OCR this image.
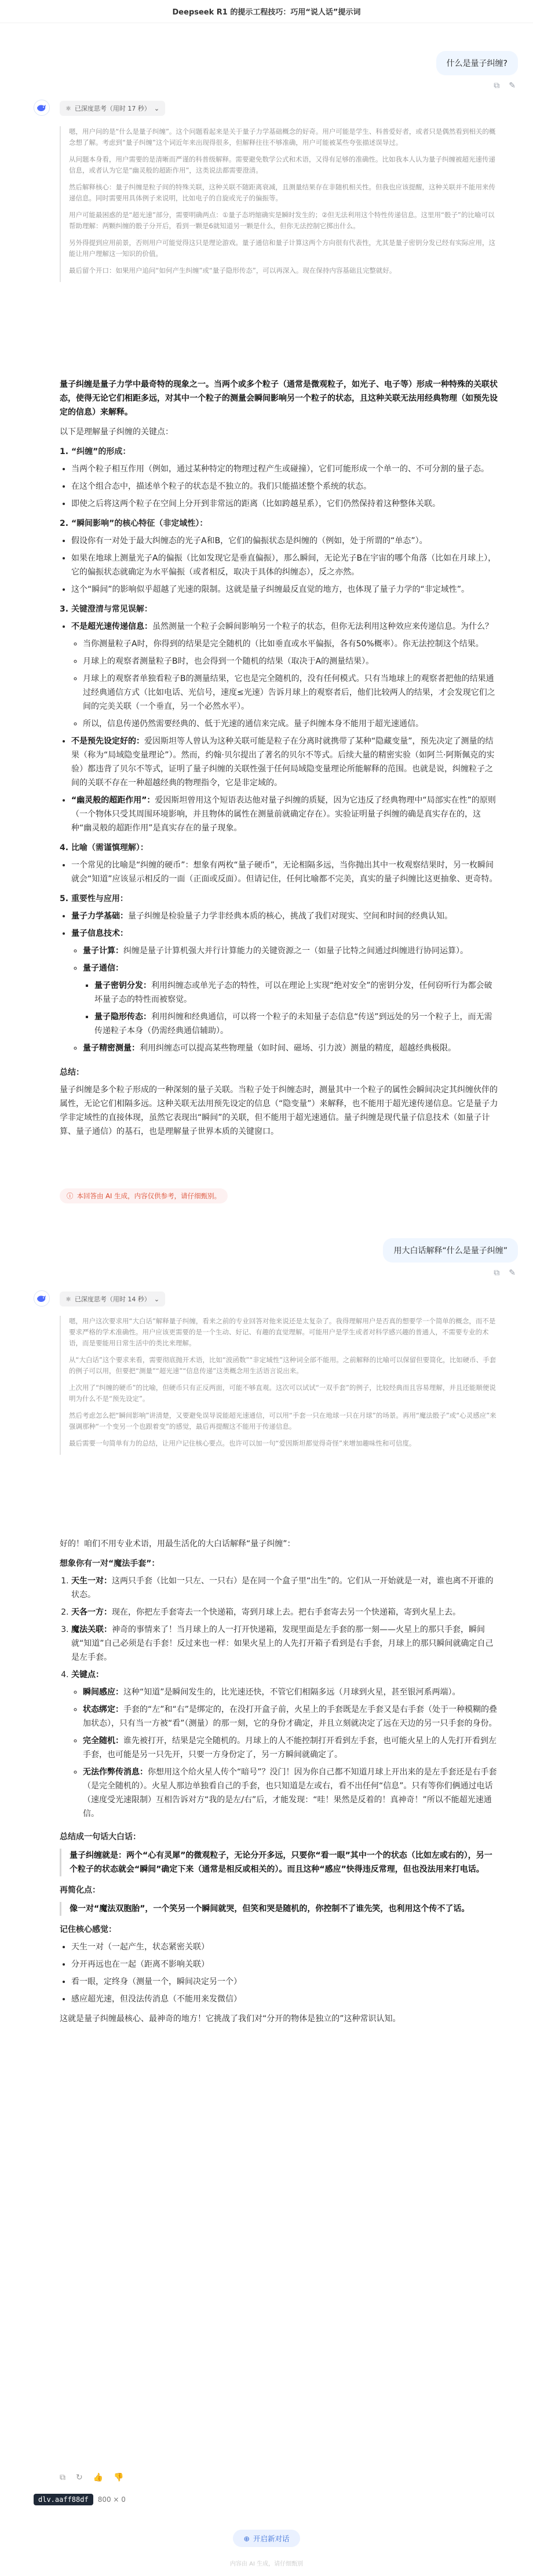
Deepseek R1 的提示工程技巧：巧用“说人话”提示词
什么是量子纠缠?
⧉ ✎
⚛ 已深度思考（用时 17 秒） ⌄

嗯，用户问的是“什么是量子纠缠”。这个问题看起来是关于量子力学基础概念的好奇。用户可能是学生、科普爱好者，或者只是偶然看到相关的概念想了解。考虑到“量子纠缠”这个词近年来出现得很多，但解释往往不够准确，用户可能被某些夸张描述误导过。

从问题本身看，用户需要的是清晰而严谨的科普级解释。需要避免数学公式和术语，又得有足够的准确性。比如我本人认为量子纠缠被超光速传递信息，或者认为它是“幽灵般的超距作用”，这类说法都需要澄清。

然后解释核心：量子纠缠是粒子间的特殊关联，这种关联不随距离衰减，且测量结果存在非随机相关性。但我也应该提醒，这种关联并不能用来传递信息。同时需要用具体例子来说明，比如电子的自旋或光子的偏振等。

用户可能最困惑的是“超光速”部分，需要明确两点：①量子态坍缩确实是瞬时发生的；②但无法利用这个特性传递信息。这里用“骰子”的比喻可以帮助理解：两颗纠缠的骰子分开后，看到一颗是6就知道另一颗是什么，但你无法控制它掷出什么。

另外得提到应用前景，否则用户可能觉得这只是理论游戏。量子通信和量子计算这两个方向很有代表性，尤其是量子密钥分发已经有实际应用，这能让用户理解这一知识的价值。

最后留个开口：如果用户追问“如何产生纠缠”或“量子隐形传态”，可以再深入。现在保持内容基础且完整就好。

量子纠缠是量子力学中最奇特的现象之一。当两个或多个粒子（通常是微观粒子，如光子、电子等）形成一种特殊的关联状态，使得无论它们相距多远，对其中一个粒子的测量会瞬间影响另一个粒子的状态，且这种关联无法用经典物理（如预先设定的信息）来解释。

以下是理解量子纠缠的关键点：

1. “纠缠”的形成：
• 当两个粒子相互作用（例如，通过某种特定的物理过程产生或碰撞），它们可能形成一个单一的、不可分割的量子态。
• 在这个组合态中，描述单个粒子的状态是不独立的。我们只能描述整个系统的状态。
• 即使之后将这两个粒子在空间上分开到非常远的距离（比如跨越星系），它们仍然保持着这种整体关联。
2. “瞬间影响”的核心特征（非定域性）：
• 假设你有一对处于最大纠缠态的光子A和B，它们的偏振状态是纠缠的（例如，处于所谓的“单态”）。
• 如果在地球上测量光子A的偏振（比如发现它是垂直偏振），那么瞬间，无论光子B在宇宙的哪个角落（比如在月球上），它的偏振状态就确定为水平偏振（或者相反，取决于具体的纠缠态），反之亦然。
• 这个“瞬间”的影响似乎超越了光速的限制。这就是量子纠缠最反直觉的地方，也体现了量子力学的“非定域性”。
3. 关键澄清与常见误解：
• 不是超光速传递信息：虽然测量一个粒子会瞬间影响另一个粒子的状态，但你无法利用这种效应来传递信息。为什么？
◦ 当你测量粒子A时，你得到的结果是完全随机的（比如垂直或水平偏振，各有50%概率）。你无法控制这个结果。
◦ 月球上的观察者测量粒子B时，也会得到一个随机的结果（取决于A的测量结果）。
◦ 月球上的观察者单独看粒子B的测量结果，它也是完全随机的，没有任何模式。只有当地球上的观察者把他的结果通过经典通信方式（比如电话、光信号，速度≤光速）告诉月球上的观察者后，他们比较两人的结果，才会发现它们之间的完美关联（一个垂直，另一个必然水平）。
◦ 所以，信息传递仍然需要经典的、低于光速的通信来完成。量子纠缠本身不能用于超光速通信。
• 不是预先设定好的：爱因斯坦等人曾认为这种关联可能是粒子在分离时就携带了某种“隐藏变量”，预先决定了测量的结果（称为“局域隐变量理论”）。然而，约翰·贝尔提出了著名的贝尔不等式。后续大量的精密实验（如阿兰·阿斯佩克的实验）都违背了贝尔不等式，证明了量子纠缠的关联性强于任何局域隐变量理论所能解释的范围。也就是说，纠缠粒子之间的关联不存在一种超越经典的物理指令，它是非定域的。
• “幽灵般的超距作用”：爱因斯坦曾用这个短语表达他对量子纠缠的质疑，因为它违反了经典物理中“局部实在性”的原则（一个物体只受其周围环境影响，并且物体的属性在测量前就确定存在）。实验证明量子纠缠的确是真实存在的，这种“幽灵般的超距作用”是真实存在的量子现象。
4. 比喻（需谨慎理解）：
• 一个常见的比喻是“纠缠的硬币”：想象有两枚“量子硬币”，无论相隔多远，当你抛出其中一枚观察结果时，另一枚瞬间就会“知道”应该显示相反的一面（正面或反面）。但请记住，任何比喻都不完美，真实的量子纠缠比这更抽象、更奇特。
5. 重要性与应用：
• 量子力学基础：量子纠缠是检验量子力学非经典本质的核心，挑战了我们对现实、空间和时间的经典认知。
• 量子信息技术：
◦ 量子计算：纠缠是量子计算机强大并行计算能力的关键资源之一（如量子比特之间通过纠缠进行协同运算）。
◦ 量子通信：
▪ 量子密钥分发：利用纠缠态或单光子态的特性，可以在理论上实现“绝对安全”的密钥分发，任何窃听行为都会破坏量子态的特性而被察觉。
▪ 量子隐形传态：利用纠缠和经典通信，可以将一个粒子的未知量子态信息“传送”到远处的另一个粒子上，而无需传递粒子本身（仍需经典通信辅助）。
◦ 量子精密测量：利用纠缠态可以提高某些物理量（如时间、磁场、引力波）测量的精度，超越经典极限。
总结：

量子纠缠是多个粒子形成的一种深刻的量子关联。当粒子处于纠缠态时，测量其中一个粒子的属性会瞬间决定其纠缠伙伴的属性，无论它们相隔多远。这种关联无法用预先设定的信息（“隐变量”）来解释，也不能用于超光速传递信息。它是量子力学非定域性的直接体现，虽然它表现出“瞬间”的关联，但不能用于超光速通信。量子纠缠是现代量子信息技术（如量子计算、量子通信）的基石，也是理解量子世界本质的关键窗口。

ⓘ 本回答由 AI 生成，内容仅供参考，请仔细甄别。
用大白话解释“什么是量子纠缠”
⧉ ✎
⚛ 已深度思考（用时 14 秒） ⌄

嗯，用户这次要求用“大白话”解释量子纠缠，看来之前的专业回答对他来说还是太复杂了。我得理解用户是否真的想要学一个简单的概念，而不是要求严格的学术准确性。用户应该更需要的是一个生动、好记、有趣的直觉理解。可能用户是学生或者对科学感兴趣的普通人，不需要专业的术语，而是要能用日常生活中的类比来理解。

从“大白话”这个要求来看，需要彻底抛开术语，比如“波函数”“非定域性”这种词全部不能用。之前解释的比喻可以保留但要简化，比如硬币、手套的例子可以用，但要把“测量”“超光速”“信息传递”这类概念用生活语言说出来。

上次用了“纠缠的硬币”的比喻，但硬币只有正反两面，可能不够直观。这次可以试试“一双手套”的例子，比较经典而且容易理解，并且还能顺便说明为什么不是“预先设定”。

然后考虑怎么把“瞬间影响”讲清楚，又要避免误导说能超光速通信，可以用“手套一只在地球一只在月球”的场景。再用“魔法骰子”或“心灵感应”来强调那种“一个变另一个也跟着变”的感觉，最后再提醒这不能用于传递信息。

最后需要一句简单有力的总结，让用户记住核心要点。也许可以加一句“爱因斯坦都觉得奇怪”来增加趣味性和可信度。

好的！咱们不用专业术语，用最生活化的大白话解释“量子纠缠”：

想象你有一对“魔法手套”：
1. 天生一对：这两只手套（比如一只左、一只右）是在同一个盒子里“出生”的。它们从一开始就是一对，谁也离不开谁的状态。
2. 天各一方：现在，你把左手套寄去一个快递箱，寄到月球上去。把右手套寄去另一个快递箱，寄到火星上去。
3. 魔法关联：神奇的事情来了！当月球上的人一打开快递箱，发现里面是左手套的那一刻——火星上的那只手套，瞬间就“知道”自己必须是右手套！反过来也一样：如果火星上的人先打开箱子看到是右手套，月球上的那只瞬间就确定自己是左手套。
4. 关键点：
◦ 瞬间感应：这种“知道”是瞬间发生的，比光速还快，不管它们相隔多远（月球到火星，甚至银河系两端）。
◦ 状态绑定：手套的“左”和“右”是绑定的，在没打开盒子前，火星上的手套既是左手套又是右手套（处于一种模糊的叠加状态），只有当一方被“看”（测量）的那一刻，它的身份才确定，并且立刻就决定了远在天边的另一只手套的身份。
◦ 完全随机：谁先被打开，结果是完全随机的。月球上的人不能控制打开看到左手套，也可能火星上的人先打开看到左手套，也可能是另一只先开，只要一方身份定了，另一方瞬间就确定了。
◦ 无法作弊传消息：你想用这个给火星人传个“暗号”？没门！因为你自己都不知道月球上开出来的是左手套还是右手套（是完全随机的）。火星人那边单独看自己的手套，也只知道是左或右，看不出任何“信息”。只有等你们俩通过电话（速度受光速限制）互相告诉对方“我的是左/右”后，才能发现：“哇！果然是反着的！真神奇！”所以不能超光速通信。
总结成一句话大白话：
量子纠缠就是：两个“心有灵犀”的微观粒子，无论分开多远，只要你“看一眼”其中一个的状态（比如左或右的），另一个粒子的状态就会“瞬间”确定下来（通常是相反或相关的）。而且这种“感应”快得违反常理，但也没法用来打电话。
再简化点：
像一对“魔法双胞胎”，一个笑另一个瞬间就哭，但笑和哭是随机的，你控制不了谁先笑，也利用这个传不了话。
记住核心感觉：
• 天生一对（一起产生，状态紧密关联）
• 分开再远也在一起（距离不影响关联）
• 看一眼，定终身（测量一个，瞬间决定另一个）
• 感应超光速，但没法传消息（不能用来发微信）

这就是量子纠缠最核心、最神奇的地方！它挑战了我们对“分开的物体是独立的”这种常识认知。

⧉ ↻ 👍 👎
dlv.aaff88df	800 × 0
⊕ 开启新对话
内容由 AI 生成，请仔细甄别
